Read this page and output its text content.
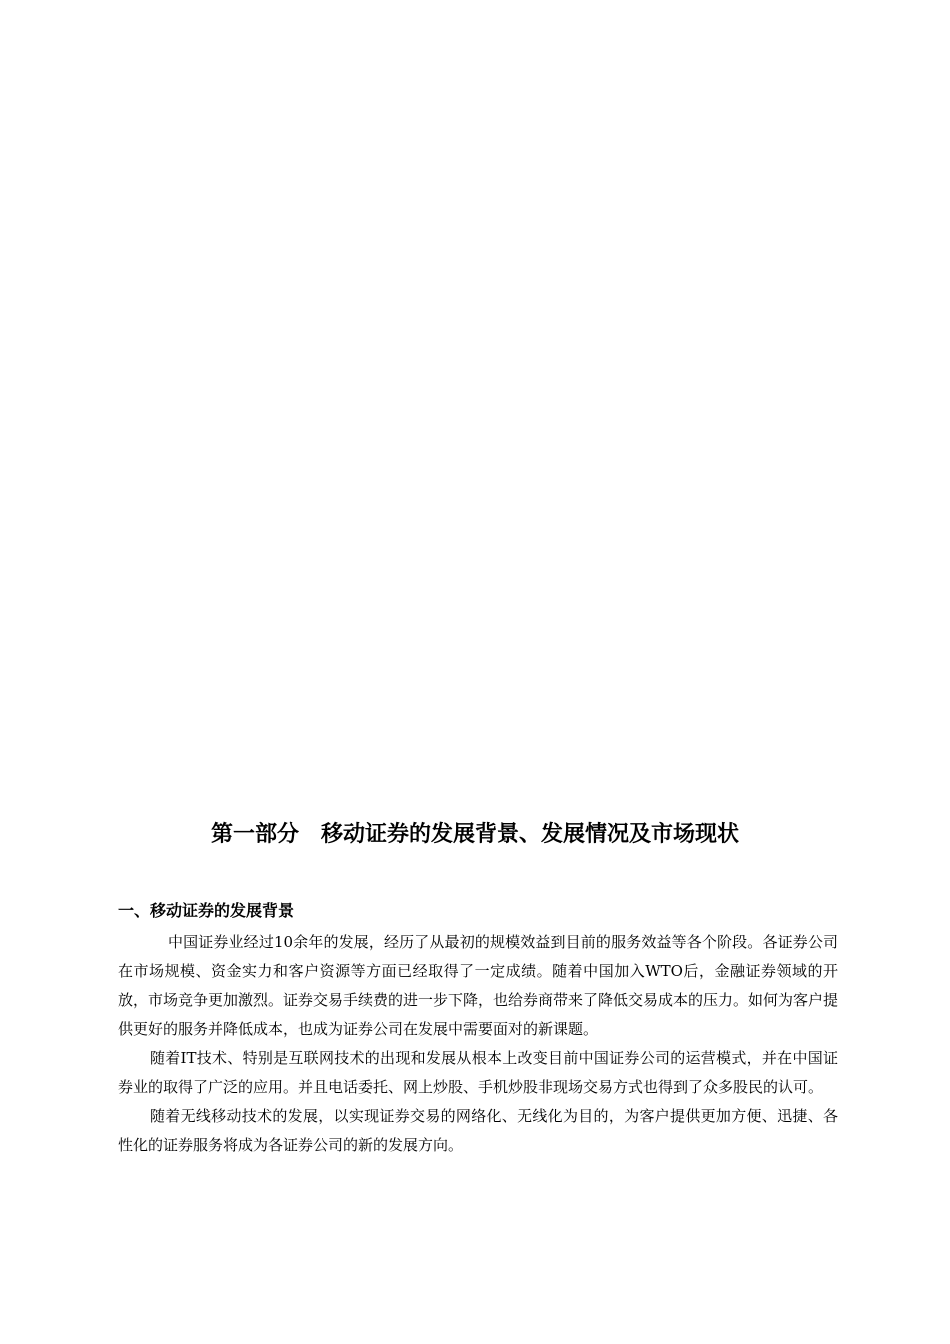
第一部分　移动证券的发展背景、发展情况及市场现状
一、移动证券的发展背景

中国证券业经过10余年的发展，经历了从最初的规模效益到目前的服务效益等各个阶段。各证券公司在市场规模、资金实力和客户资源等方面已经取得了一定成绩。随着中国加入WTO后，金融证券领域的开放，市场竞争更加激烈。证券交易手续费的进一步下降，也给券商带来了降低交易成本的压力。如何为客户提供更好的服务并降低成本，也成为证券公司在发展中需要面对的新课题。

随着IT技术、特别是互联网技术的出现和发展从根本上改变目前中国证券公司的运营模式，并在中国证券业的取得了广泛的应用。并且电话委托、网上炒股、手机炒股非现场交易方式也得到了众多股民的认可。

随着无线移动技术的发展，以实现证券交易的网络化、无线化为目的，为客户提供更加方便、迅捷、各性化的证券服务将成为各证券公司的新的发展方向。
